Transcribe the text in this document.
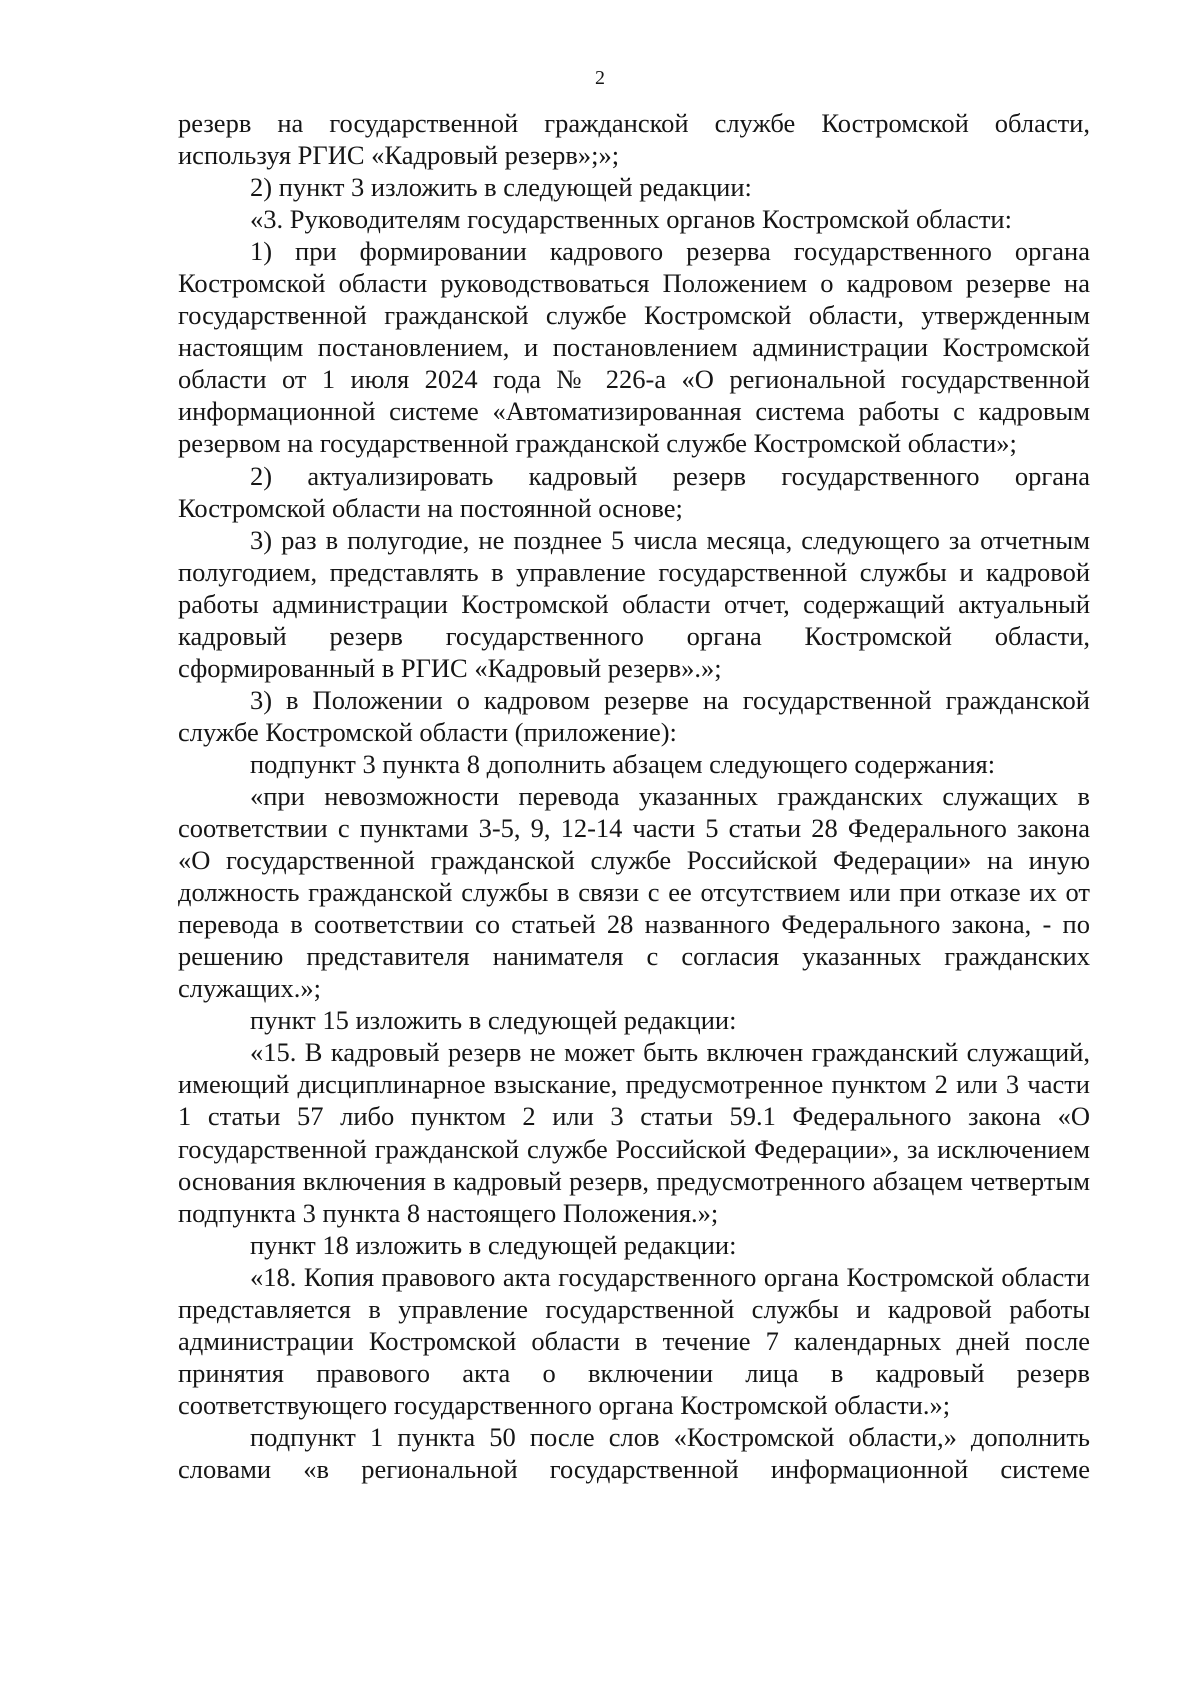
2

резерв на государственной гражданской службе Костромской области, используя РГИС «Кадровый резерв»;»;

2) пункт 3 изложить в следующей редакции:

«3. Руководителям государственных органов Костромской области:

1) при формировании кадрового резерва государственного органа Костромской области руководствоваться Положением о кадровом резерве на государственной гражданской службе Костромской области, утвержденным настоящим постановлением, и постановлением администрации Костромской области от 1 июля 2024 года № 226-а «О региональной государственной информационной системе «Автоматизированная система работы с кадровым резервом на государственной гражданской службе Костромской области»;

2) актуализировать кадровый резерв государственного органа Костромской области на постоянной основе;

3) раз в полугодие, не позднее 5 числа месяца, следующего за отчетным полугодием, представлять в управление государственной службы и кадровой работы администрации Костромской области отчет, содержащий актуальный кадровый резерв государственного органа Костромской области, сформированный в РГИС «Кадровый резерв».»;

3) в Положении о кадровом резерве на государственной гражданской службе Костромской области (приложение):

подпункт 3 пункта 8 дополнить абзацем следующего содержания:

«при невозможности перевода указанных гражданских служащих в соответствии с пунктами 3-5, 9, 12-14 части 5 статьи 28 Федерального закона «О государственной гражданской службе Российской Федерации» на иную должность гражданской службы в связи с ее отсутствием или при отказе их от перевода в соответствии со статьей 28 названного Федерального закона, - по решению представителя нанимателя с согласия указанных гражданских служащих.»;

пункт 15 изложить в следующей редакции:

«15. В кадровый резерв не может быть включен гражданский служащий, имеющий дисциплинарное взыскание, предусмотренное пунктом 2 или 3 части 1 статьи 57 либо пунктом 2 или 3 статьи 59.1 Федерального закона «О государственной гражданской службе Российской Федерации», за исключением основания включения в кадровый резерв, предусмотренного абзацем четвертым подпункта 3 пункта 8 настоящего Положения.»;

пункт 18 изложить в следующей редакции:

«18. Копия правового акта государственного органа Костромской области представляется в управление государственной службы и кадровой работы администрации Костромской области в течение 7 календарных дней после принятия правового акта о включении лица в кадровый резерв соответствующего государственного органа Костромской области.»;

подпункт 1 пункта 50 после слов «Костромской области,» дополнить словами «в региональной государственной информационной системе
